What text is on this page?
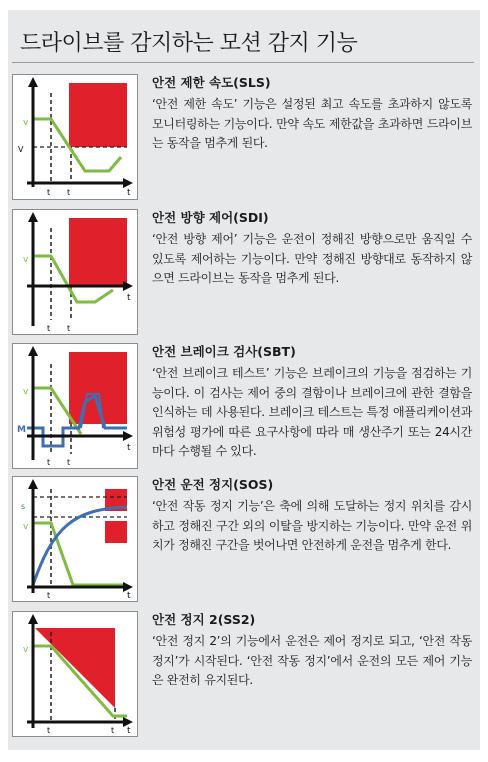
드라이브를 감지하는 모션 감지 기능
v
V
t t	t

안전 제한 속도(SLS)

‘안전 제한 속도’ 기능은 설정된 최고 속도를 초과하지 않도록 모니터링하는 기능이다. 만약 속도 제한값을 초과하면 드라이브는 동작을 멈추게 된다.

v
t t
t

안전 방향 제어(SDI)

‘안전 방향 제어’ 기능은 운전이 정해진 방향으로만 움직일 수 있도록 제어하는 기능이다. 만약 정해진 방향대로 동작하지 않으면 드라이브는 동작을 멈추게 된다.

v
M
t t
t

안전 브레이크 검사(SBT)

‘안전 브레이크 테스트’ 기능은 브레이크의 기능을 점검하는 기능이다. 이 검사는 제어 중의 결함이나 브레이크에 관한 결함을 인식하는 데 사용된다. 브레이크 테스트는 특정 애플리케이션과 위험성 평가에 따른 요구사항에 따라 매 생산주기 또는 24시간마다 수행될 수 있다.

v
s
t	t

안전 운전 정지(SOS)

‘안전 작동 정지 기능’은 축에 의해 도달하는 정지 위치를 감시하고 정해진 구간 외의 이탈을 방지하는 기능이다. 만약 운전 위치가 정해진 구간을 벗어나면 안전하게 운전을 멈추게 한다.

v
t	t t

안전 정지 2(SS2)

‘안전 정지 2’의 기능에서 운전은 제어 정지로 되고, ‘안전 작동 정지’가 시작된다. ‘안전 작동 정지’에서 운전의 모든 제어 기능은 완전히 유지된다.
